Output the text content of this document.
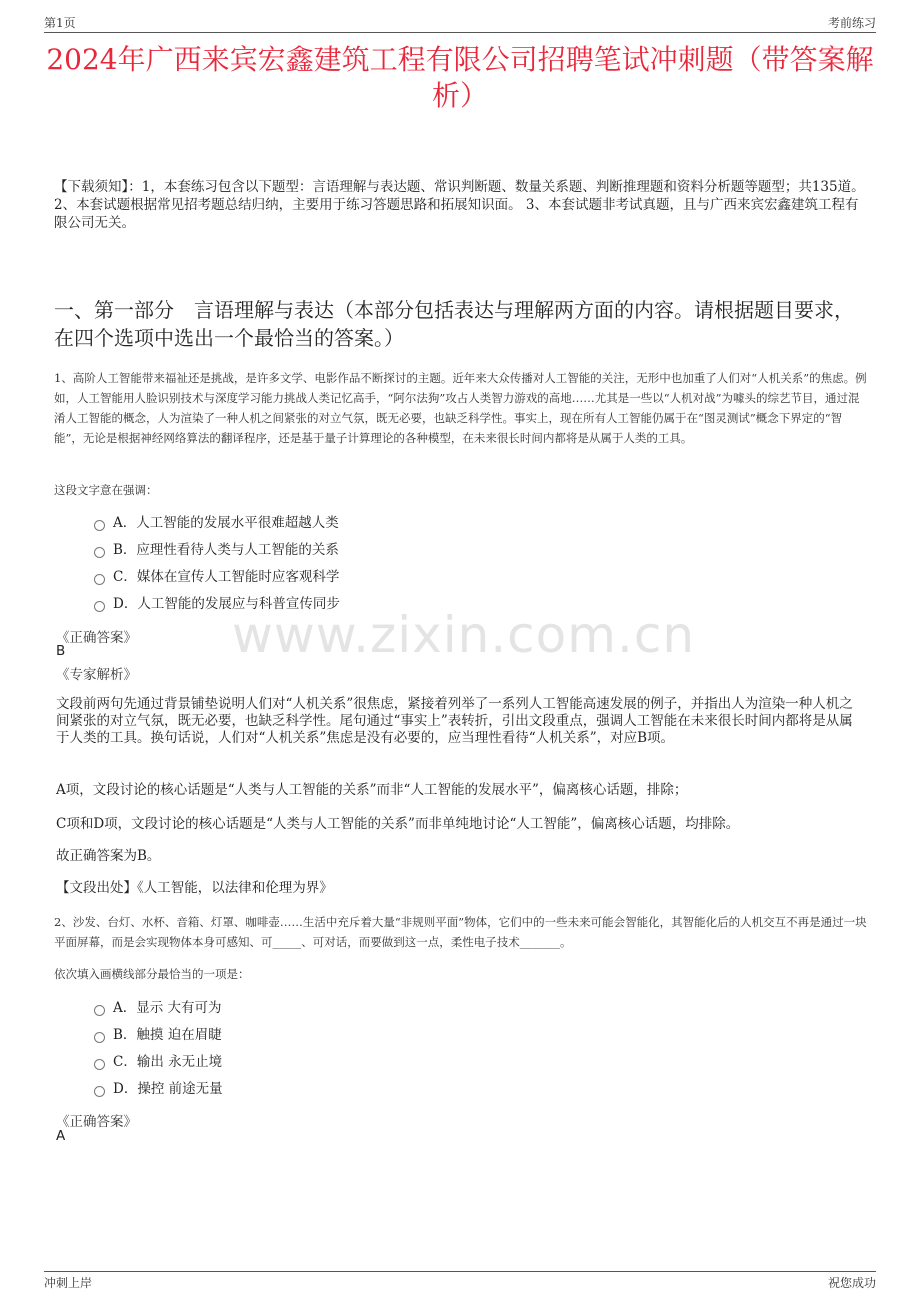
第1页	考前练习
2024年广西来宾宏鑫建筑工程有限公司招聘笔试冲刺题（带答案解析）
【下载须知】：1，本套练习包含以下题型：言语理解与表达题、常识判断题、数量关系题、判断推理题和资料分析题等题型；共135道。 2、本套试题根据常见招考题总结归纳，主要用于练习答题思路和拓展知识面。 3、本套试题非考试真题，且与广西来宾宏鑫建筑工程有限公司无关。
一、第一部分　言语理解与表达（本部分包括表达与理解两方面的内容。请根据题目要求，在四个选项中选出一个最恰当的答案。）
1、高阶人工智能带来福祉还是挑战，是许多文学、电影作品不断探讨的主题。近年来大众传播对人工智能的关注，无形中也加重了人们对“人机关系”的焦虑。例如，人工智能用人脸识别技术与深度学习能力挑战人类记忆高手，“阿尔法狗”攻占人类智力游戏的高地……尤其是一些以“人机对战”为噱头的综艺节目，通过混淆人工智能的概念，人为渲染了一种人机之间紧张的对立气氛，既无必要，也缺乏科学性。事实上，现在所有人工智能仍属于在“图灵测试”概念下界定的“智能”，无论是根据神经网络算法的翻译程序，还是基于量子计算理论的各种模型，在未来很长时间内都将是从属于人类的工具。
这段文字意在强调：
A．人工智能的发展水平很难超越人类
B．应理性看待人类与人工智能的关系
C．媒体在宣传人工智能时应客观科学
D．人工智能的发展应与科普宣传同步
《正确答案》
B
《专家解析》
文段前两句先通过背景铺垫说明人们对“人机关系”很焦虑，紧接着列举了一系列人工智能高速发展的例子，并指出人为渲染一种人机之间紧张的对立气氛，既无必要，也缺乏科学性。尾句通过“事实上”表转折，引出文段重点，强调人工智能在未来很长时间内都将是从属于人类的工具。换句话说，人们对“人机关系”焦虑是没有必要的，应当理性看待“人机关系”，对应B项。
A项，文段讨论的核心话题是“人类与人工智能的关系”而非“人工智能的发展水平”，偏离核心话题，排除；
C项和D项，文段讨论的核心话题是“人类与人工智能的关系”而非单纯地讨论“人工智能”，偏离核心话题，均排除。
故正确答案为B。
【文段出处】《人工智能，以法律和伦理为界》
2、沙发、台灯、水杯、音箱、灯罩、咖啡壶……生活中充斥着大量“非规则平面”物体，它们中的一些未来可能会智能化，其智能化后的人机交互不再是通过一块平面屏幕，而是会实现物体本身可感知、可_____、可对话，而要做到这一点，柔性电子技术_______。
依次填入画横线部分最恰当的一项是：
A．显示 大有可为
B．触摸 迫在眉睫
C．输出 永无止境
D．操控 前途无量
《正确答案》
A
www.zixin.com.cn
冲刺上岸	祝您成功
